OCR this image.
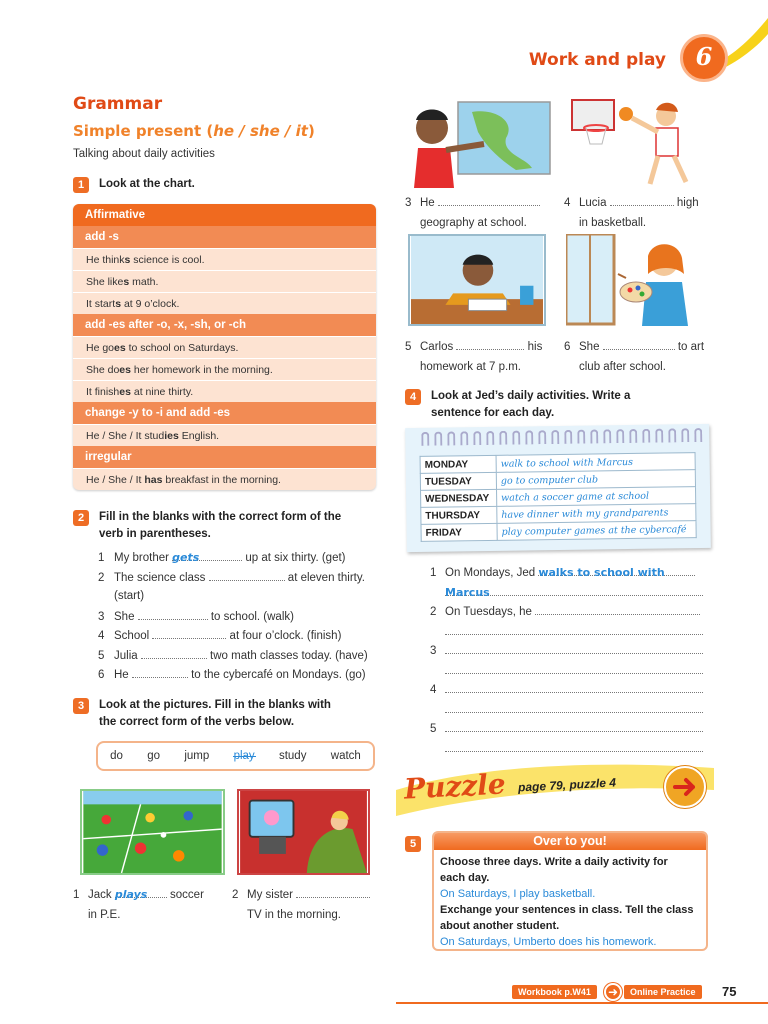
Work and play	6
Grammar
Simple present (he / she / it)
Talking about daily activities
1	Look at the chart.
Affirmative
add -s
He thinks science is cool.
She likes math.
It starts at 9 o’clock.
add -es after -o, -x, -sh, or -ch
He goes to school on Saturdays.
She does her homework in the morning.
It finishes at nine thirty.
change -y to -i and add -es
He / She / It studies English.
irregular
He / She / It has breakfast in the morning.
2	Fill in the blanks with the correct form of the
verb in parentheses.
1 My brother gets	up at six thirty. (get)
2 The science class	at eleven thirty.
(start)
3 She	to school. (walk)
4 School	at four o’clock. (finish)
5 Julia	two math classes today. (have)
6 He	to the cybercafé on Mondays. (go)
3	Look at the pictures. Fill in the blanks with
the correct form of the verbs below.
do go jump play study watch
1 Jack plays soccer
in P.E.
2 My sister
TV in the morning.
3 He
geography at school.
4 Lucia	high
in basketball.
5 Carlos	his
homework at 7 p.m.
6 She	to art
club after school.
4	Look at Jed’s daily activities. Write a
sentence for each day.
MONDAY	walk to school with Marcus
TUESDAY	go to computer club
WEDNESDAY	watch a soccer game at school
THURSDAY	have dinner with my grandparents
FRIDAY	play computer games at the cybercafé
1 On Mondays, Jed walks to school with
Marcus
2 On Tuesdays, he
3
4
5
Puzzle page 79, puzzle 4
5	Over to you!
Choose three days. Write a daily activity for
each day.
On Saturdays, I play basketball.
Exchange your sentences in class. Tell the class
about another student.
On Saturdays, Umberto does his homework.
Workbook p.W41	➜	Online Practice	75
